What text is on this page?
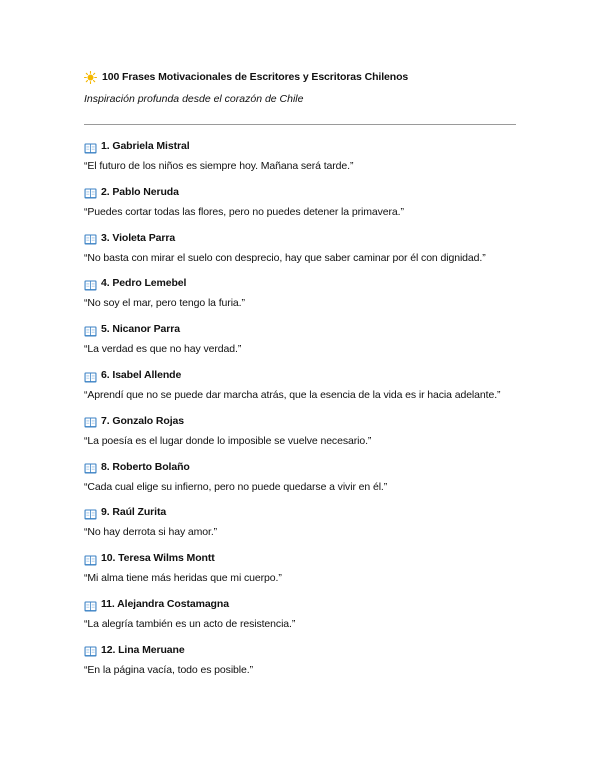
100 Frases Motivacionales de Escritores y Escritoras Chilenos
Inspiración profunda desde el corazón de Chile
1. Gabriela Mistral
“El futuro de los niños es siempre hoy. Mañana será tarde.”
2. Pablo Neruda
“Puedes cortar todas las flores, pero no puedes detener la primavera.”
3. Violeta Parra
“No basta con mirar el suelo con desprecio, hay que saber caminar por él con dignidad.”
4. Pedro Lemebel
“No soy el mar, pero tengo la furia.”
5. Nicanor Parra
“La verdad es que no hay verdad.”
6. Isabel Allende
“Aprendí que no se puede dar marcha atrás, que la esencia de la vida es ir hacia adelante.”
7. Gonzalo Rojas
“La poesía es el lugar donde lo imposible se vuelve necesario.”
8. Roberto Bolaño
“Cada cual elige su infierno, pero no puede quedarse a vivir en él.”
9. Raúl Zurita
“No hay derrota si hay amor.”
10. Teresa Wilms Montt
“Mi alma tiene más heridas que mi cuerpo.”
11. Alejandra Costamagna
“La alegría también es un acto de resistencia.”
12. Lina Meruane
“En la página vacía, todo es posible.”
